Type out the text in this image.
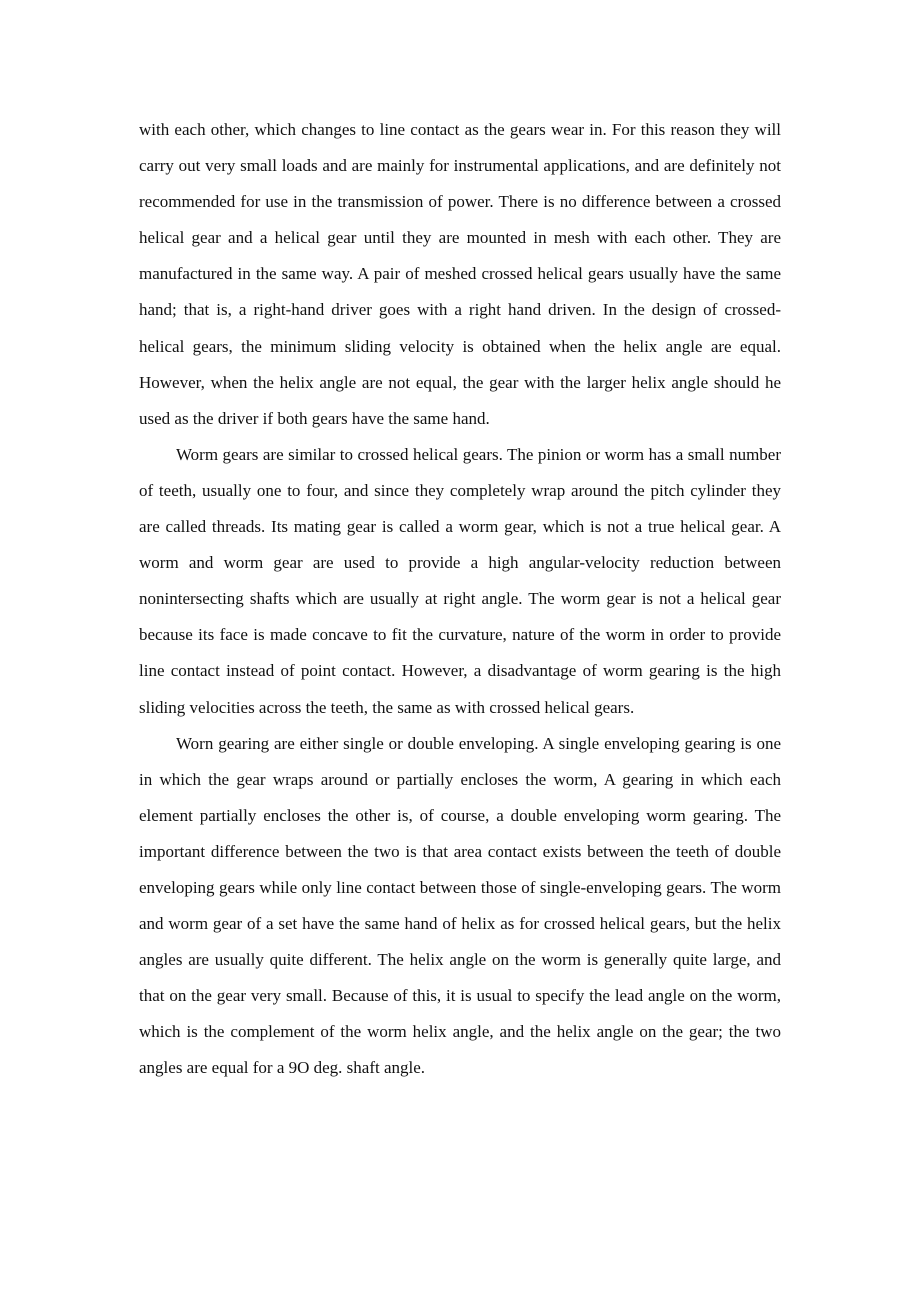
with each other, which changes to line contact as the gears wear in. For this reason they will carry out very small loads and are mainly for instrumental applications, and are definitely not recommended for use in the transmission of power. There is no difference between a crossed helical gear and a helical gear until they are mounted in mesh with each other. They are manufactured in the same way. A pair of meshed crossed helical gears usually have the same hand; that is, a right-hand driver goes with a right hand driven. In the design of crossed-helical gears, the minimum sliding velocity is obtained when the helix angle are equal. However, when the helix angle are not equal, the gear with the larger helix angle should he used as the driver if both gears have the same hand.

Worm gears are similar to crossed helical gears. The pinion or worm has a small number of teeth, usually one to four, and since they completely wrap around the pitch cylinder they are called threads. Its mating gear is called a worm gear, which is not a true helical gear. A worm and worm gear are used to provide a high angular-velocity reduction between nonintersecting shafts which are usually at right angle. The worm gear is not a helical gear because its face is made concave to fit the curvature, nature of the worm in order to provide line contact instead of point contact. However, a disadvantage of worm gearing is the high sliding velocities across the teeth, the same as with crossed helical gears.

Worn gearing are either single or double enveloping. A single enveloping gearing is one in which the gear wraps around or partially encloses the worm, A gearing in which each element partially encloses the other is, of course, a double enveloping worm gearing. The important difference between the two is that area contact exists between the teeth of double enveloping gears while only line contact between those of single-enveloping gears. The worm and worm gear of a set have the same hand of helix as for crossed helical gears, but the helix angles are usually quite different. The helix angle on the worm is generally quite large, and that on the gear very small. Because of this, it is usual to specify the lead angle on the worm, which is the complement of the worm helix angle, and the helix angle on the gear; the two angles are equal for a 9O deg. shaft angle.
